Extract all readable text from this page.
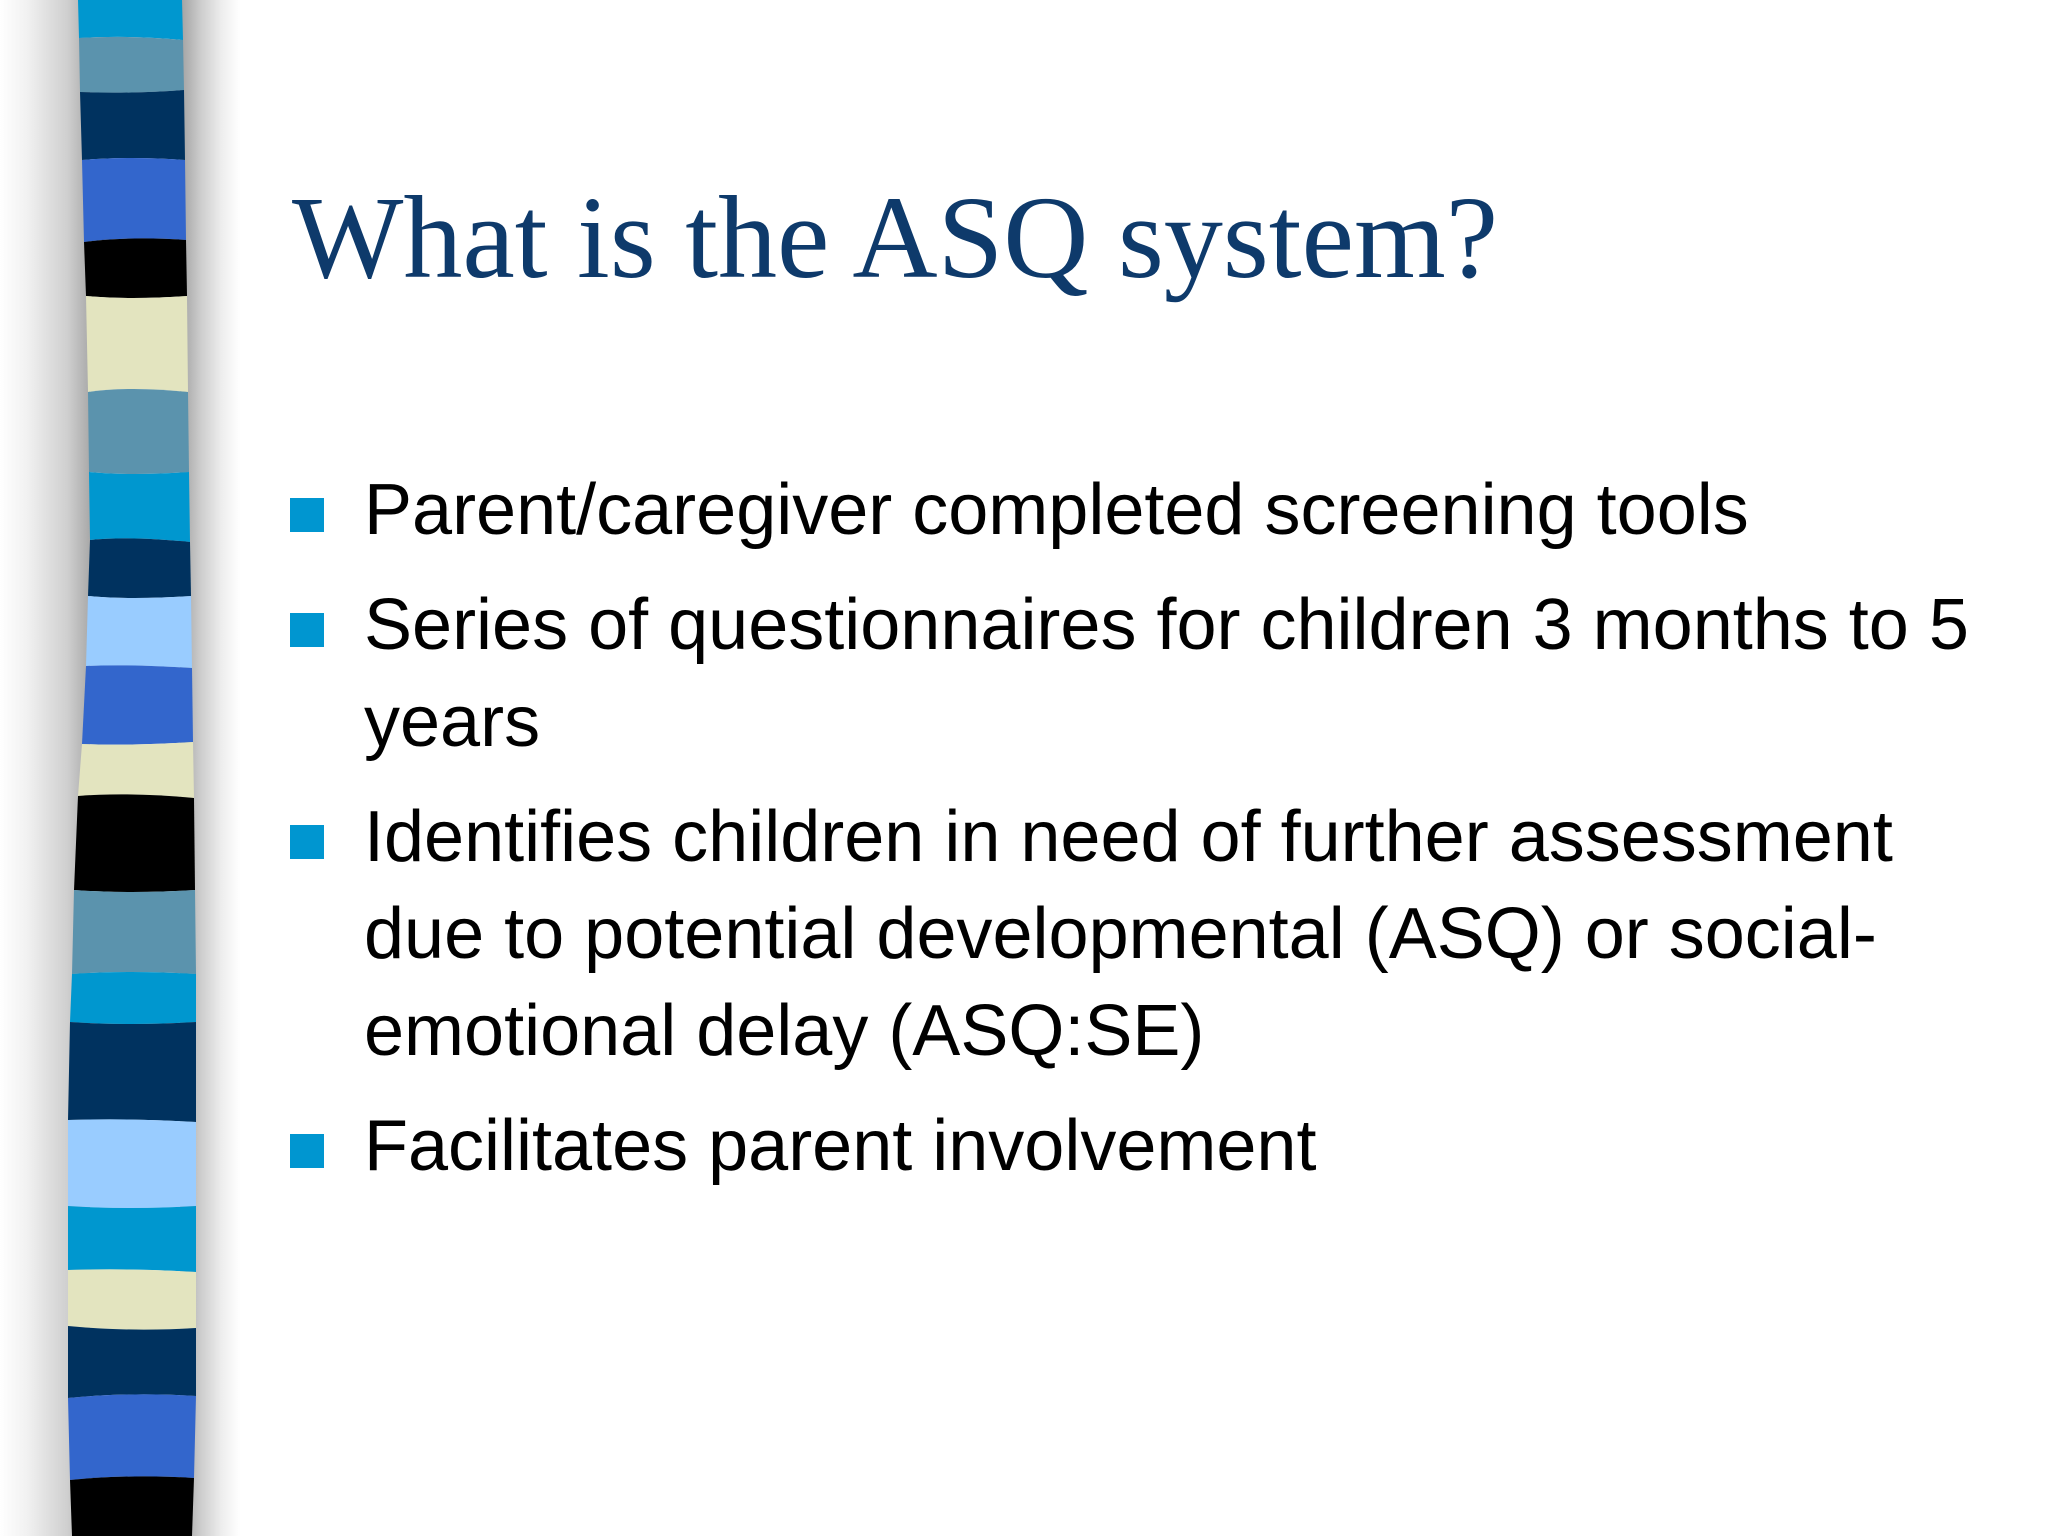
What is the ASQ system?
Parent/caregiver completed screening tools
Series of questionnaires for children 3 months to 5 years
Identifies children in need of further assessment due to potential developmental (ASQ) or social-emotional delay (ASQ:SE)
Facilitates parent involvement
